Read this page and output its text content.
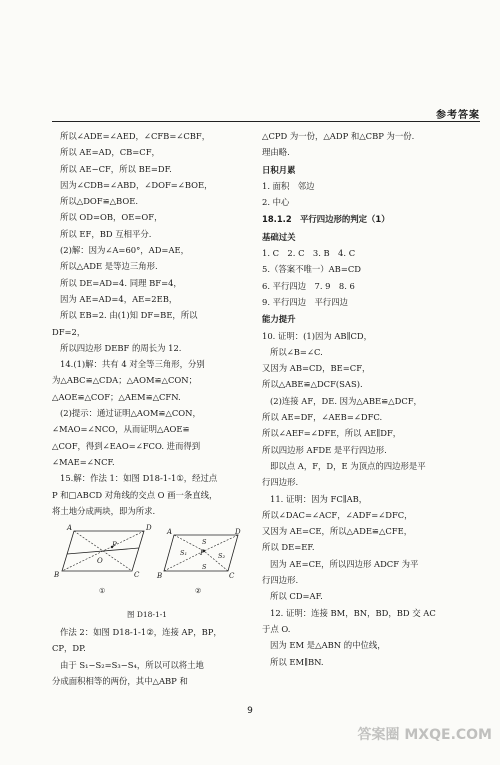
参考答案
所以∠ADE=∠AED，∠CFB=∠CBF，
所以 AE=AD，CB=CF，
所以 AE−CF，所以 BE=DF.
因为∠CDB=∠ABD，∠DOF=∠BOE，
所以△DOF≌△BOE.
所以 OD=OB，OE=OF，
所以 EF，BD 互相平分.
(2)解：因为∠A=60°，AD=AE，
所以△ADE 是等边三角形.
所以 DE=AD=4. 同理 BF=4，
因为 AE=AD=4，AE=2EB，
所以 EB=2. 由(1)知 DF=BE，所以
DF=2，
所以四边形 DEBF 的周长为 12.
14.(1)解：共有 4 对全等三角形，分别
为△ABC≌△CDA；△AOM≌△CON；
△AOE≌△COF；△AEM≌△CFN.
(2)提示：通过证明△AOM≌△CON，
∠MAO=∠NCO，从而证明△AOE≌
△COF，得到∠EAO=∠FCO. 进而得到
∠MAE=∠NCF.
15.解：作法 1：如图 D18-1-1①，经过点
P 和□ABCD 对角线的交点 O 画一条直线，
将土地分成两块，即为所求.
A	D
P
O
B	C
①
A	D
S
S₁ P S₂
S
B	C
②
图 D18-1-1
作法 2：如图 D18-1-1②，连接 AP，BP，
CP，DP.
由于 S₁−S₂=S₃−S₄，所以可以将土地
分成面积相等的两份，其中△ABP 和
△CPD 为一份，△ADP 和△CBP 为一份.
理由略.
日积月累
1. 面积　邻边
2. 中心
18.1.2　平行四边形的判定（1）
基础过关
1. C　2. C　3. B　4. C
5.（答案不唯一）AB=CD
6. 平行四边　7. 9　8. 6
9. 平行四边　平行四边
能力提升
10. 证明：(1)因为 AB∥CD，
所以∠B=∠C.
又因为 AB=CD，BE=CF，
所以△ABE≌△DCF(SAS).
(2)连接 AF，DE. 因为△ABE≌△DCF，
所以 AE=DF，∠AEB=∠DFC.
所以∠AEF=∠DFE，所以 AE∥DF，
所以四边形 AFDE 是平行四边形.
即以点 A，F，D，E 为顶点的四边形是平
行四边形.
11. 证明：因为 FC∥AB，
所以∠DAC=∠ACF，∠ADF=∠DFC，
又因为 AE=CE，所以△ADE≌△CFE，
所以 DE=EF.
因为 AE=CE，所以四边形 ADCF 为平
行四边形.
所以 CD=AF.
12. 证明：连接 BM，BN，BD，BD 交 AC
于点 O.
因为 EM 是△ABN 的中位线，
所以 EM∥BN.
9
答案圈 MXQE.COM
